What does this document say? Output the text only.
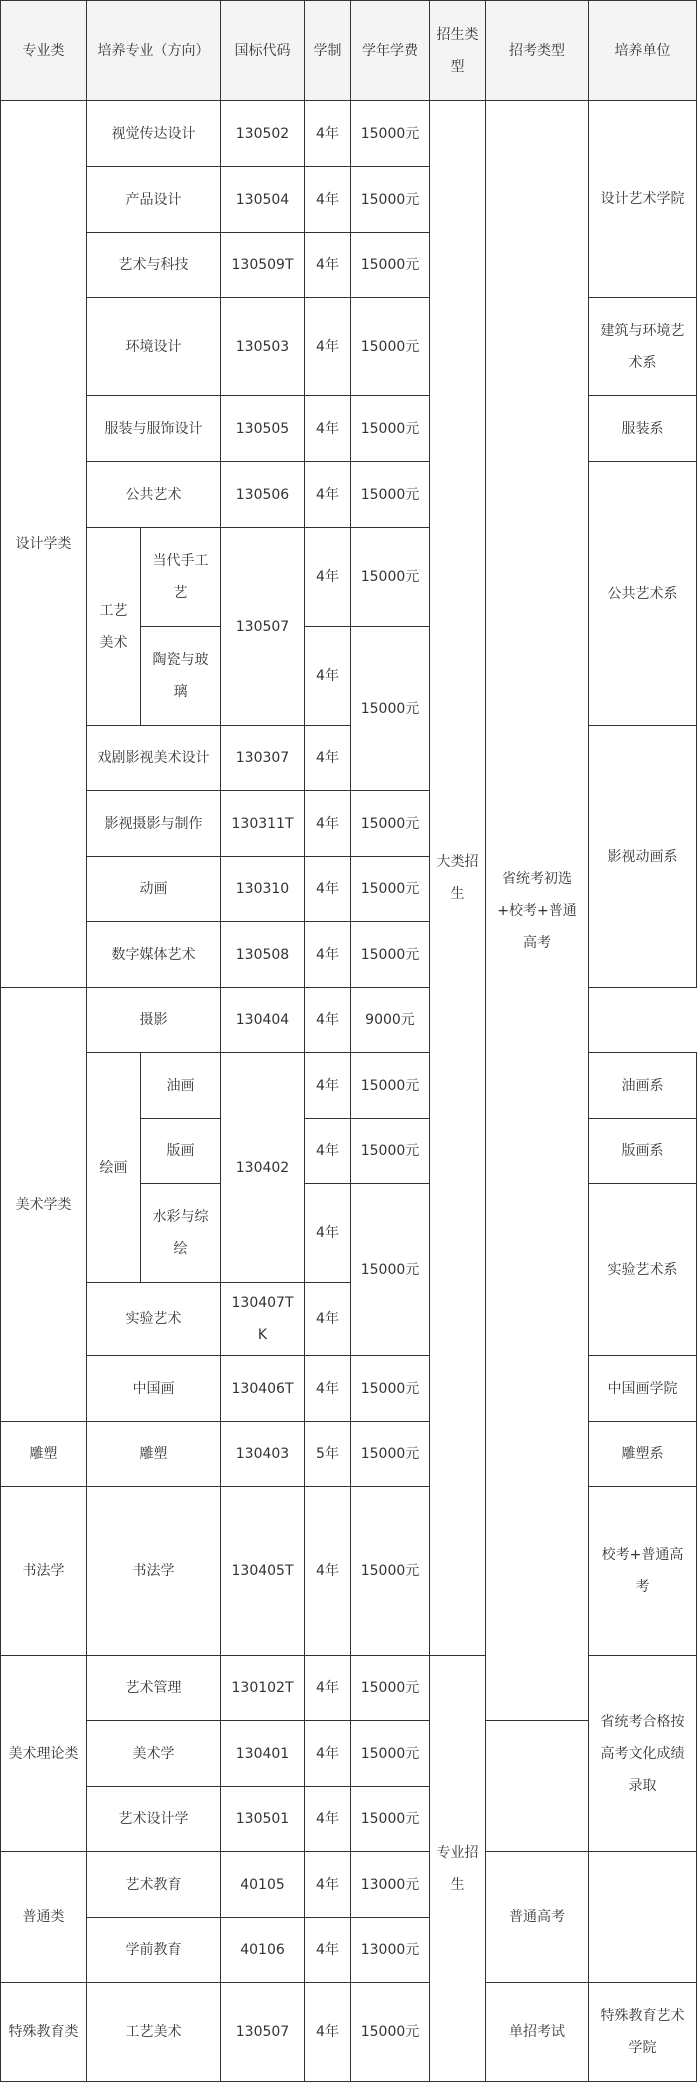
专业类	培养专业（方向）		国标代码	学制	学年学费	招生类型	招考类型	培养单位	
设计学类	视觉传达设计		130502	4年	15000元	大类招生	省统考初选+校考+普通高考	设计艺术学院	
	产品设计		130504	4年	15000元				
	艺术与科技		130509T	4年	15000元				
	环境设计		130503	4年	15000元			建筑与环境艺术系	
	服装与服饰设计		130505	4年	15000元			服装系	
	公共艺术		130506	4年	15000元			公共艺术系	
	工艺美术	当代手工艺	130507	4年	15000元				
		陶瓷与玻璃		4年	15000元				
	戏剧影视美术设计		130307	4年				影视动画系	
	影视摄影与制作		130311T	4年	15000元				
	动画		130310	4年	15000元				
	数字媒体艺术		130508	4年	15000元				
美术学类	摄影		130404	4年	9000元				
	绘画	油画	130402	4年	15000元			油画系	
		版画		4年	15000元			版画系	
		水彩与综绘		4年	15000元			实验艺术系	
	实验艺术		130407TK	4年					
	中国画		130406T	4年	15000元			中国画学院	
雕塑	雕塑		130403	5年	15000元			雕塑系	
书法学	书法学		130405T	4年	15000元			校考+普通高考	
美术理论类	艺术管理		130102T	4年	15000元	专业招生		省统考合格按高考文化成绩录取	
	美术学		130401	4年	15000元				
	艺术设计学		130501	4年	15000元				
普通类	艺术教育		40105	4年	13000元		普通高考		
	学前教育		40106	4年	13000元				
特殊教育类	工艺美术		130507	4年	15000元		单招考试	特殊教育艺术学院	
